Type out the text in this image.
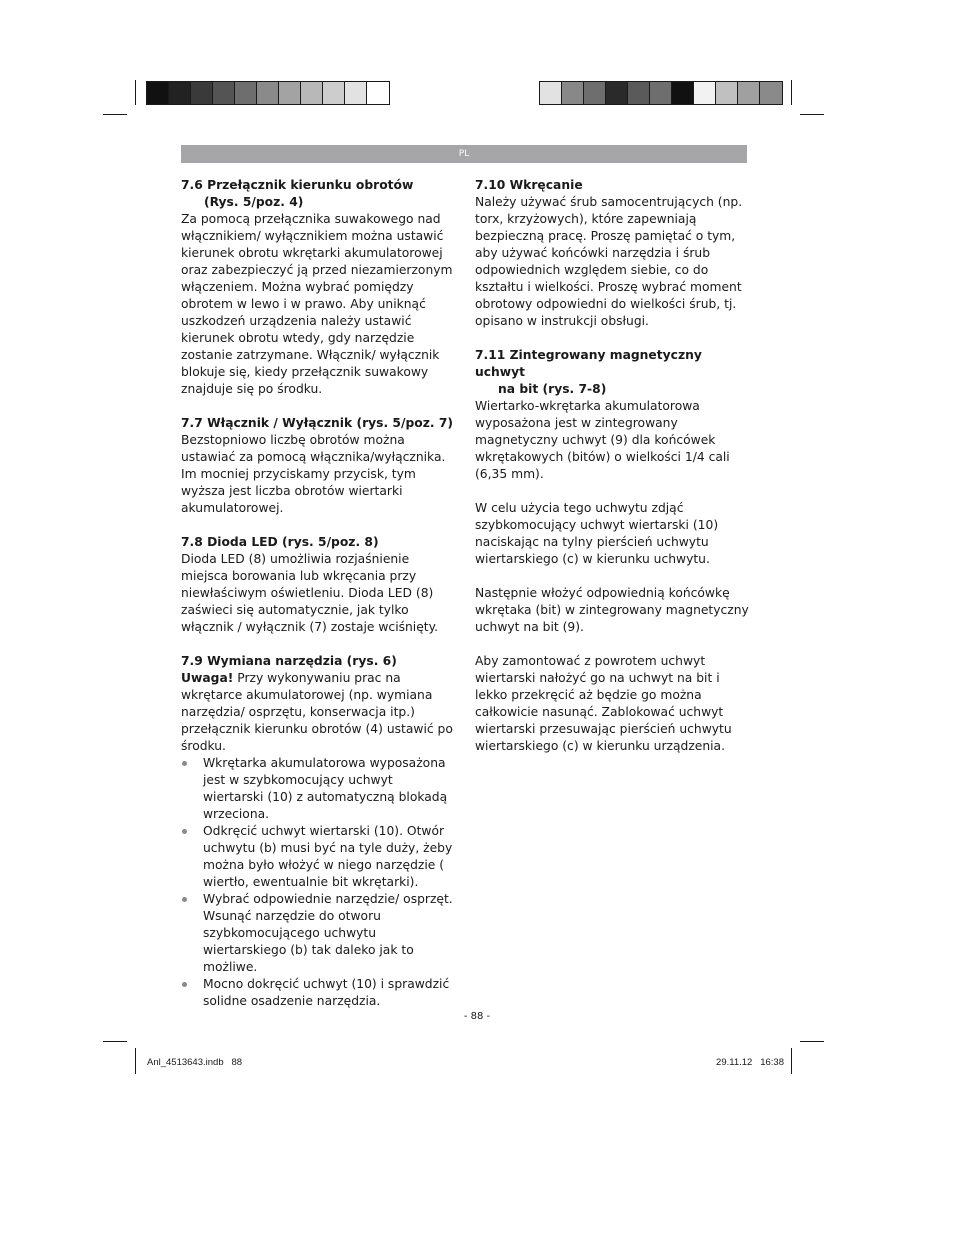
PL
7.6 Przełącznik kierunku obrotów
(Rys. 5/poz. 4)

Za pomocą przełącznika suwakowego nad włącznikiem/ wyłącznikiem można ustawić kierunek obrotu wkrętarki akumulatorowej oraz zabezpieczyć ją przed niezamierzonym włączeniem. Można wybrać pomiędzy obrotem w lewo i w prawo. Aby uniknąć uszkodzeń urządzenia należy ustawić kierunek obrotu wtedy, gdy narzędzie zostanie zatrzymane. Włącznik/ wyłącznik blokuje się, kiedy przełącznik suwakowy znajduje się po środku.

7.7 Włącznik / Wyłącznik (rys. 5/poz. 7)

Bezstopniowo liczbę obrotów można ustawiać za pomocą włącznika/wyłącznika. Im mocniej przyciskamy przycisk, tym wyższa jest liczba obrotów wiertarki akumulatorowej.

7.8 Dioda LED (rys. 5/poz. 8)

Dioda LED (8) umożliwia rozjaśnienie miejsca borowania lub wkręcania przy niewłaściwym oświetleniu. Dioda LED (8) zaświeci się automatycznie, jak tylko włącznik / wyłącznik (7) zostaje wciśnięty.

7.9 Wymiana narzędzia (rys. 6)

Uwaga! Przy wykonywaniu prac na wkrętarce akumulatorowej (np. wymiana narzędzia/ osprzętu, konserwacja itp.) przełącznik kierunku obrotów (4) ustawić po środku.

Wkrętarka akumulatorowa wyposażona jest w szybkomocujący uchwyt wiertarski (10) z automatyczną blokadą wrzeciona.
Odkręcić uchwyt wiertarski (10). Otwór uchwytu (b) musi być na tyle duży, żeby można było włożyć w niego narzędzie ( wiertło, ewentualnie bit wkrętarki).
Wybrać odpowiednie narzędzie/ osprzęt. Wsunąć narzędzie do otworu szybkomocującego uchwytu wiertarskiego (b) tak daleko jak to możliwe.
Mocno dokręcić uchwyt (10) i sprawdzić solidne osadzenie narzędzia.
7.10 Wkręcanie

Należy używać śrub samocentrujących (np. torx, krzyżowych), które zapewniają bezpieczną pracę. Proszę pamiętać o tym, aby używać końcówki narzędzia i śrub odpowiednich względem siebie, co do kształtu i wielkości. Proszę wybrać moment obrotowy odpowiedni do wielkości śrub, tj. opisano w instrukcji obsługi.

7.11 Zintegrowany magnetyczny uchwyt
na bit (rys. 7-8)

Wiertarko-wkrętarka akumulatorowa wyposażona jest w zintegrowany magnetyczny uchwyt (9) dla końcówek wkrętakowych (bitów) o wielkości 1/4 cali (6,35 mm).

W celu użycia tego uchwytu zdjąć szybkomocujący uchwyt wiertarski (10) naciskając na tylny pierścień uchwytu wiertarskiego (c) w kierunku uchwytu.

Następnie włożyć odpowiednią końcówkę wkrętaka (bit) w zintegrowany magnetyczny uchwyt na bit (9).

Aby zamontować z powrotem uchwyt wiertarski nałożyć go na uchwyt na bit i lekko przekręcić aż będzie go można całkowicie nasunąć. Zablokować uchwyt wiertarski przesuwając pierścień uchwytu wiertarskiego (c) w kierunku urządzenia.

- 88 -
Anl_4513643.indb   88	29.11.12   16:38
